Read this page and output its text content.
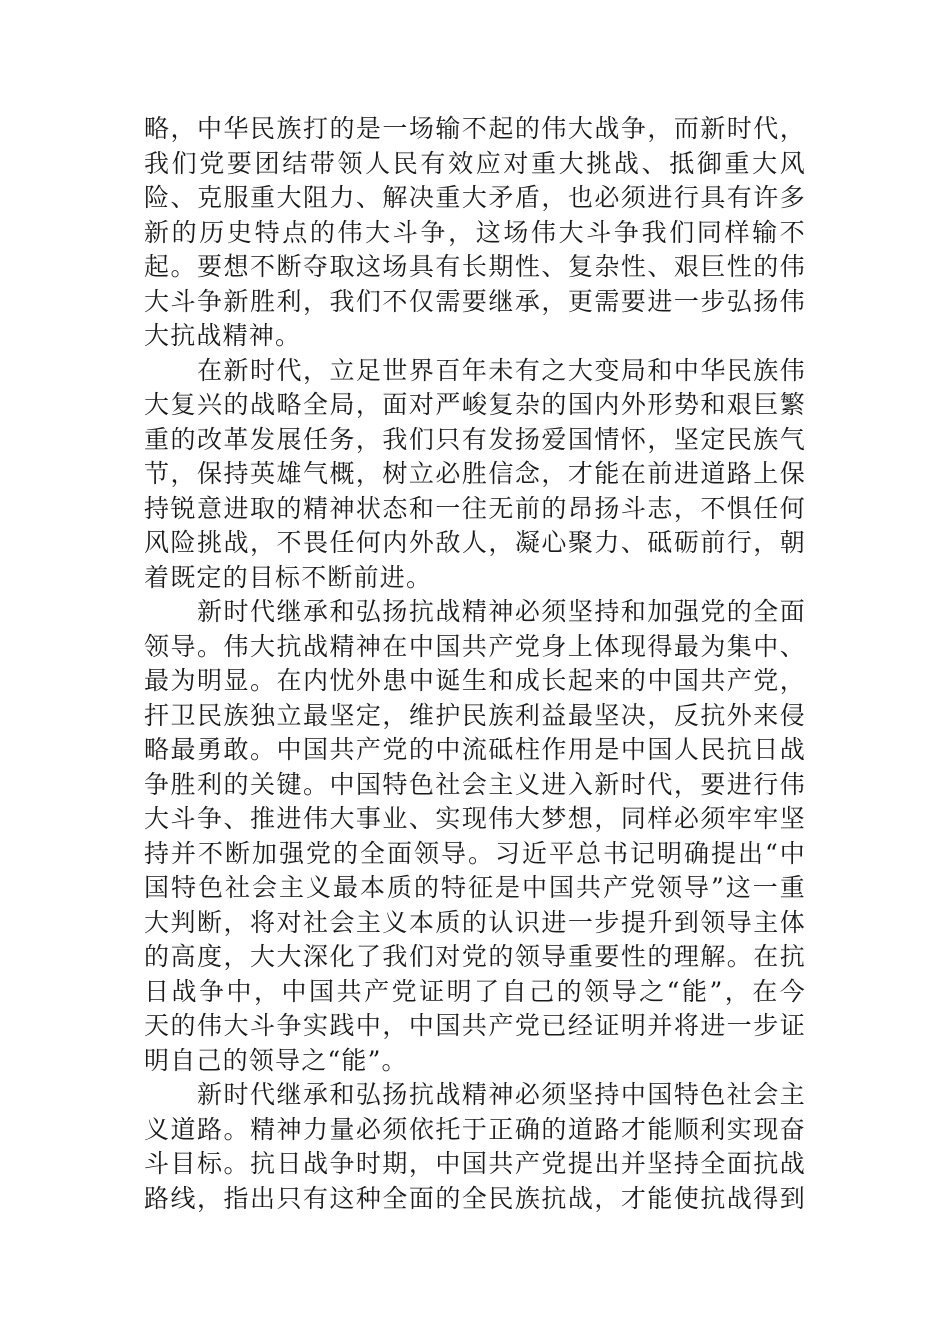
略，中华民族打的是一场输不起的伟大战争，而新时代，
我们党要团结带领人民有效应对重大挑战、抵御重大风
险、克服重大阻力、解决重大矛盾，也必须进行具有许多
新的历史特点的伟大斗争，这场伟大斗争我们同样输不
起。要想不断夺取这场具有长期性、复杂性、艰巨性的伟
大斗争新胜利，我们不仅需要继承，更需要进一步弘扬伟
大抗战精神。
　　在新时代，立足世界百年未有之大变局和中华民族伟
大复兴的战略全局，面对严峻复杂的国内外形势和艰巨繁
重的改革发展任务，我们只有发扬爱国情怀，坚定民族气
节，保持英雄气概，树立必胜信念，才能在前进道路上保
持锐意进取的精神状态和一往无前的昂扬斗志，不惧任何
风险挑战，不畏任何内外敌人，凝心聚力、砥砺前行，朝
着既定的目标不断前进。
　　新时代继承和弘扬抗战精神必须坚持和加强党的全面
领导。伟大抗战精神在中国共产党身上体现得最为集中、
最为明显。在内忧外患中诞生和成长起来的中国共产党，
扞卫民族独立最坚定，维护民族利益最坚决，反抗外来侵
略最勇敢。中国共产党的中流砥柱作用是中国人民抗日战
争胜利的关键。中国特色社会主义进入新时代，要进行伟
大斗争、推进伟大事业、实现伟大梦想，同样必须牢牢坚
持并不断加强党的全面领导。习近平总书记明确提出“中
国特色社会主义最本质的特征是中国共产党领导”这一重
大判断，将对社会主义本质的认识进一步提升到领导主体
的高度，大大深化了我们对党的领导重要性的理解。在抗
日战争中，中国共产党证明了自己的领导之“能”，在今
天的伟大斗争实践中，中国共产党已经证明并将进一步证
明自己的领导之“能”。
　　新时代继承和弘扬抗战精神必须坚持中国特色社会主
义道路。精神力量必须依托于正确的道路才能顺利实现奋
斗目标。抗日战争时期，中国共产党提出并坚持全面抗战
路线，指出只有这种全面的全民族抗战，才能使抗战得到
